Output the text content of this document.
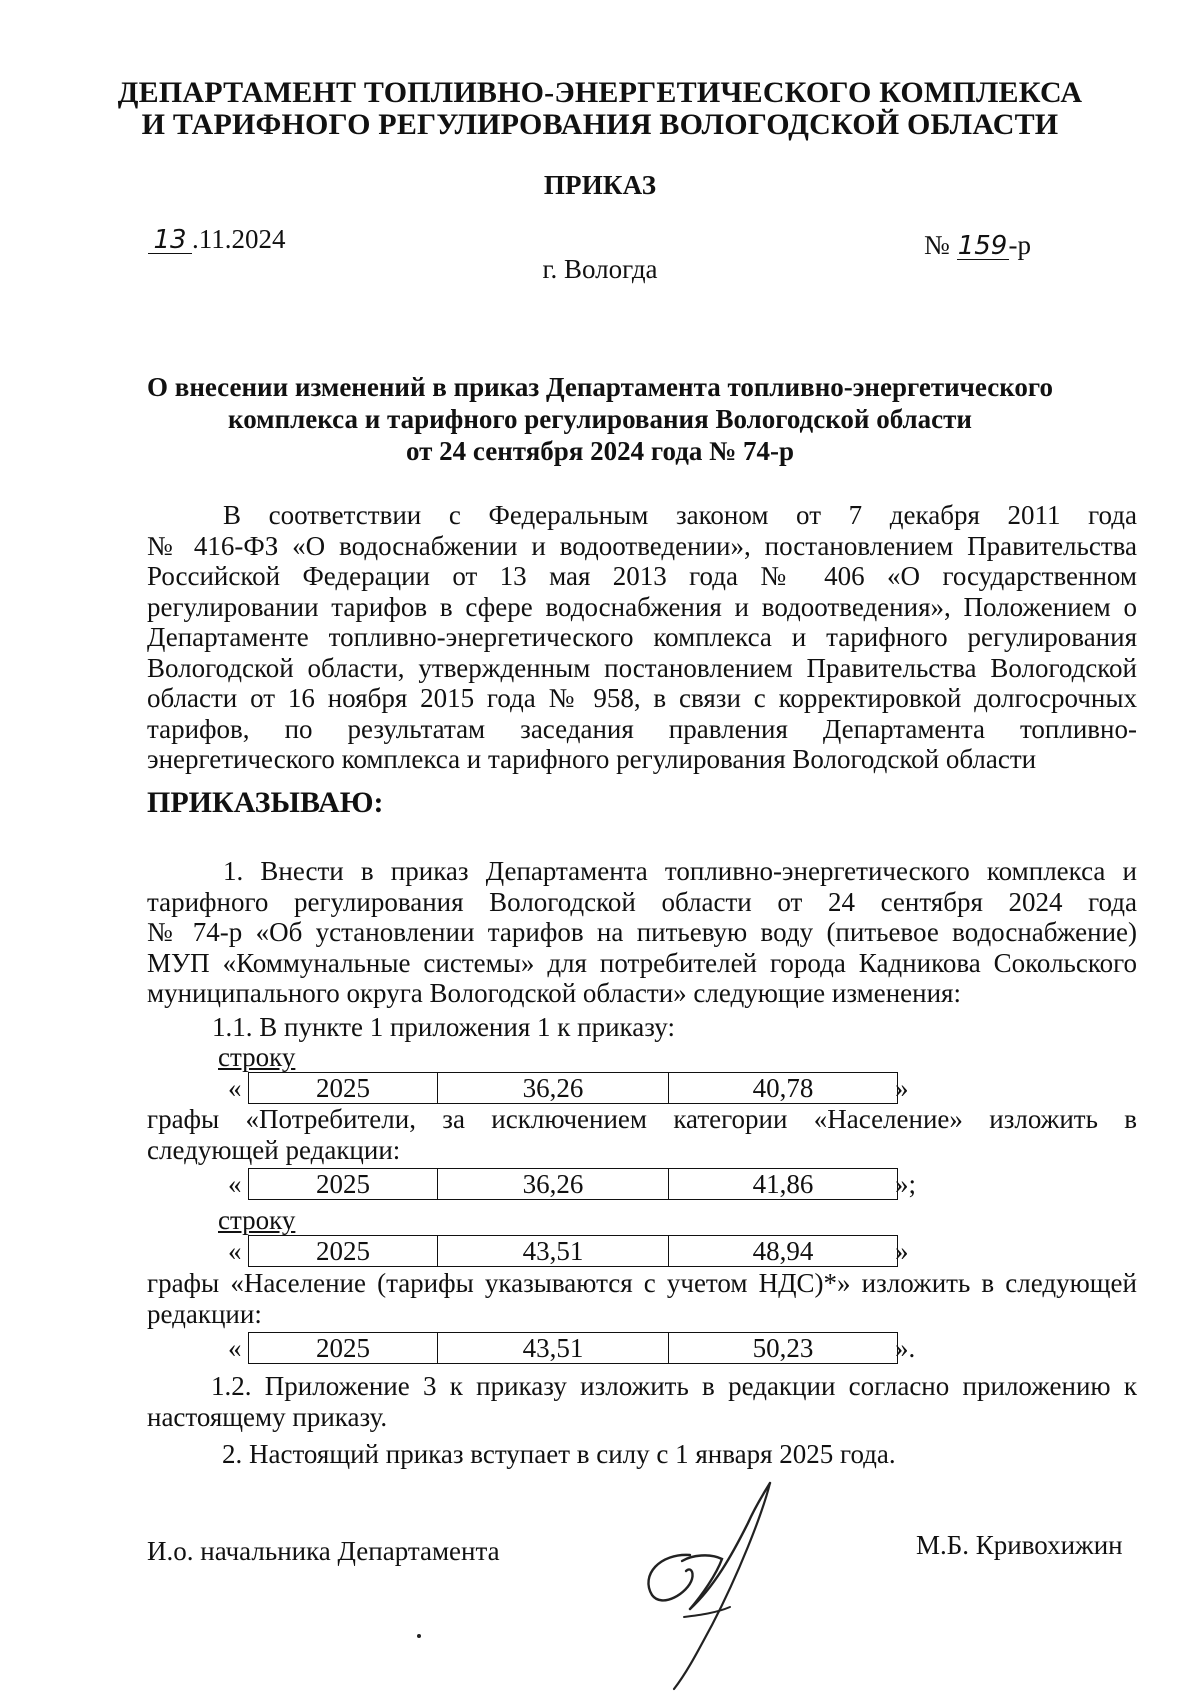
ДЕПАРТАМЕНТ ТОПЛИВНО-ЭНЕРГЕТИЧЕСКОГО КОМПЛЕКСА
И ТАРИФНОГО РЕГУЛИРОВАНИЯ ВОЛОГОДСКОЙ ОБЛАСТИ
ПРИКАЗ
13 .11.2024	№ 159-р
г. Вологда
О внесении изменений в приказ Департамента топливно-энергетического
комплекса и тарифного регулирования Вологодской области
от 24 сентября 2024 года № 74-р
В соответствии с Федеральным законом от 7 декабря 2011 года
№ 416-ФЗ «О водоснабжении и водоотведении», постановлением Правительства
Российской Федерации от 13 мая 2013 года № 406 «О государственном
регулировании тарифов в сфере водоснабжения и водоотведения», Положением о
Департаменте топливно-энергетического комплекса и тарифного регулирования
Вологодской области, утвержденным постановлением Правительства Вологодской
области от 16 ноября 2015 года № 958, в связи с корректировкой долгосрочных
тарифов, по результатам заседания правления Департамента топливно-
энергетического комплекса и тарифного регулирования Вологодской области
ПРИКАЗЫВАЮ:
1. Внести в приказ Департамента топливно-энергетического комплекса и
тарифного регулирования Вологодской области от 24 сентября 2024 года
№ 74-р «Об установлении тарифов на питьевую воду (питьевое водоснабжение)
МУП «Коммунальные системы» для потребителей города Кадникова Сокольского
муниципального округа Вологодской области» следующие изменения:
1.1. В пункте 1 приложения 1 к приказу:
строку
«	2025	36,26	40,78	»
графы «Потребители, за исключением категории «Население» изложить в
следующей редакции:
«	2025	36,26	41,86	»;
строку
«	2025	43,51	48,94	»
графы «Население (тарифы указываются с учетом НДС)*» изложить в следующей
редакции:
«	2025	43,51	50,23	».
1.2. Приложение 3 к приказу изложить в редакции согласно приложению к
настоящему приказу.
2. Настоящий приказ вступает в силу с 1 января 2025 года.
И.о. начальника Департамента	М.Б. Кривохижин
